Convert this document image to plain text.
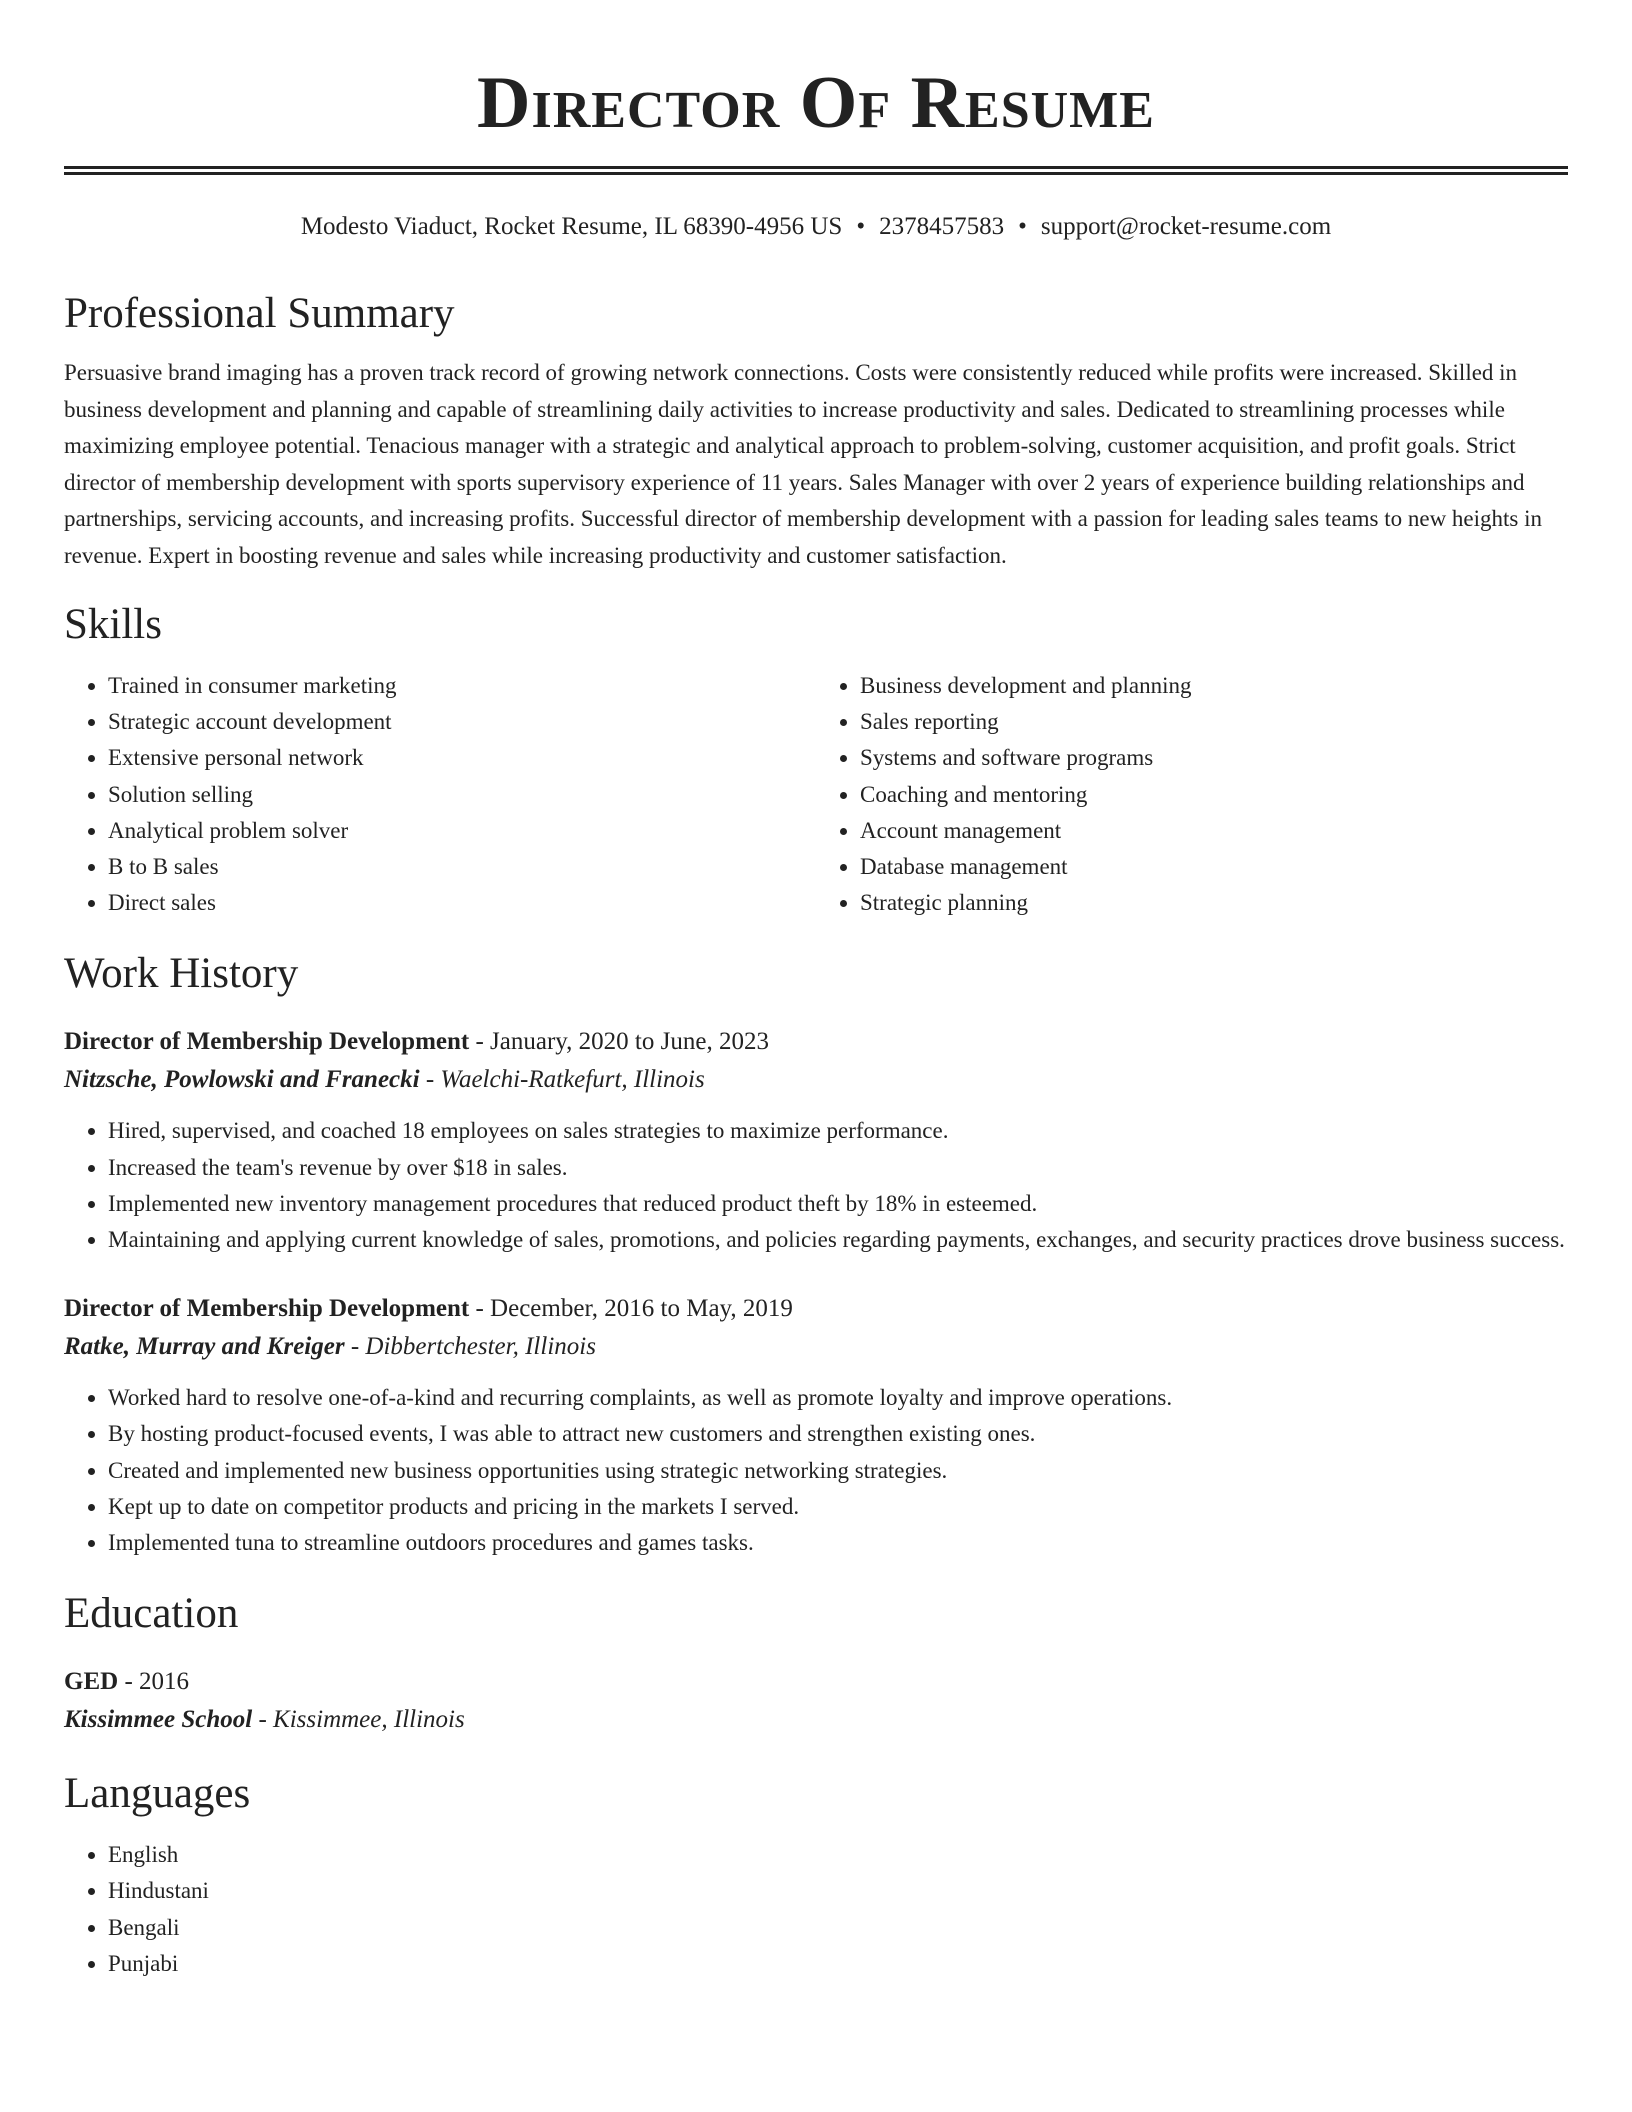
Director Of Resume
Modesto Viaduct, Rocket Resume, IL 68390-4956 US • 2378457583 • support@rocket-resume.com
Professional Summary

Persuasive brand imaging has a proven track record of growing network connections. Costs were consistently reduced while profits were increased. Skilled in business development and planning and capable of streamlining daily activities to increase productivity and sales. Dedicated to streamlining processes while maximizing employee potential. Tenacious manager with a strategic and analytical approach to problem-solving, customer acquisition, and profit goals. Strict director of membership development with sports supervisory experience of 11 years. Sales Manager with over 2 years of experience building relationships and partnerships, servicing accounts, and increasing profits. Successful director of membership development with a passion for leading sales teams to new heights in revenue. Expert in boosting revenue and sales while increasing productivity and customer satisfaction.

Skills
• Trained in consumer marketing
• Strategic account development
• Extensive personal network
• Solution selling
• Analytical problem solver
• B to B sales
• Direct sales
• Business development and planning
• Sales reporting
• Systems and software programs
• Coaching and mentoring
• Account management
• Database management
• Strategic planning
Work History
Director of Membership Development - January, 2020 to June, 2023
Nitzsche, Powlowski and Franecki - Waelchi-Ratkefurt, Illinois
• Hired, supervised, and coached 18 employees on sales strategies to maximize performance.
• Increased the team's revenue by over $18 in sales.
• Implemented new inventory management procedures that reduced product theft by 18% in esteemed.
• Maintaining and applying current knowledge of sales, promotions, and policies regarding payments, exchanges, and security practices drove business success.
Director of Membership Development - December, 2016 to May, 2019
Ratke, Murray and Kreiger - Dibbertchester, Illinois
• Worked hard to resolve one-of-a-kind and recurring complaints, as well as promote loyalty and improve operations.
• By hosting product-focused events, I was able to attract new customers and strengthen existing ones.
• Created and implemented new business opportunities using strategic networking strategies.
• Kept up to date on competitor products and pricing in the markets I served.
• Implemented tuna to streamline outdoors procedures and games tasks.
Education
GED - 2016
Kissimmee School - Kissimmee, Illinois
Languages
• English
• Hindustani
• Bengali
• Punjabi
